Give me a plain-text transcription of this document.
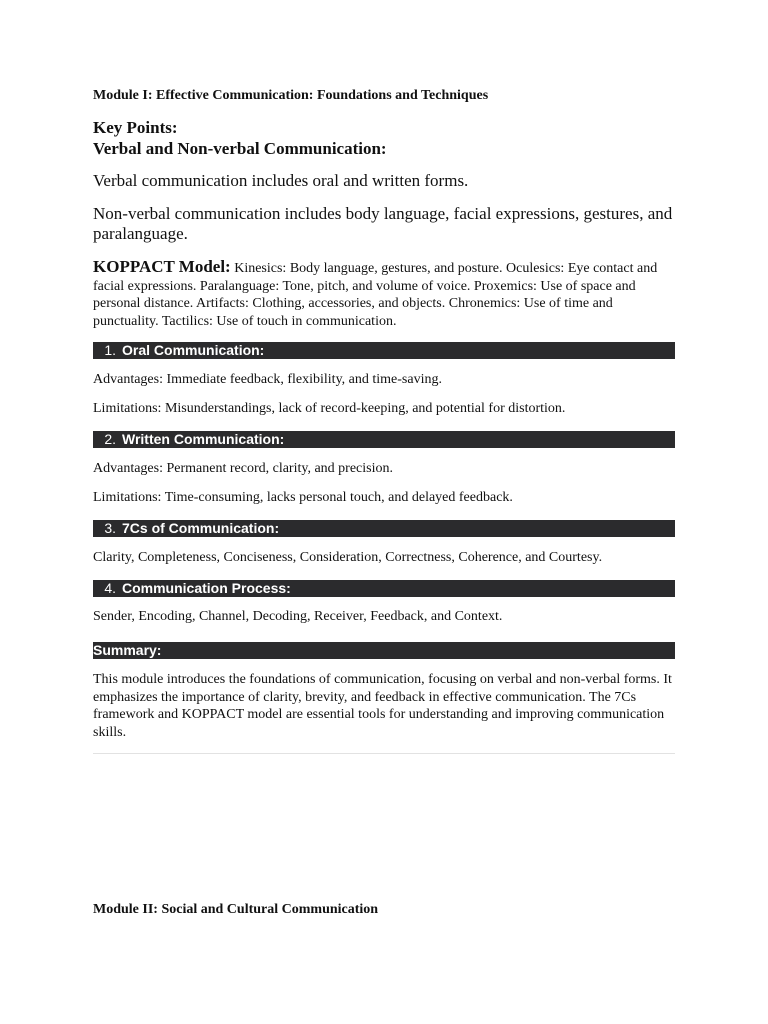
Module I: Effective Communication: Foundations and Techniques
Key Points:
Verbal and Non-verbal Communication:
Verbal communication includes oral and written forms.
Non-verbal communication includes body language, facial expressions, gestures, and paralanguage.
KOPPACT Model: Kinesics: Body language, gestures, and posture. Oculesics: Eye contact and facial expressions. Paralanguage: Tone, pitch, and volume of voice. Proxemics: Use of space and personal distance. Artifacts: Clothing, accessories, and objects. Chronemics: Use of time and punctuality. Tactilics: Use of touch in communication.
1. Oral Communication:
Advantages: Immediate feedback, flexibility, and time-saving.
Limitations: Misunderstandings, lack of record-keeping, and potential for distortion.
2. Written Communication:
Advantages: Permanent record, clarity, and precision.
Limitations: Time-consuming, lacks personal touch, and delayed feedback.
3. 7Cs of Communication:
Clarity, Completeness, Conciseness, Consideration, Correctness, Coherence, and Courtesy.
4. Communication Process:
Sender, Encoding, Channel, Decoding, Receiver, Feedback, and Context.
Summary:
This module introduces the foundations of communication, focusing on verbal and non-verbal forms. It emphasizes the importance of clarity, brevity, and feedback in effective communication. The 7Cs framework and KOPPACT model are essential tools for understanding and improving communication skills.
Module II: Social and Cultural Communication
